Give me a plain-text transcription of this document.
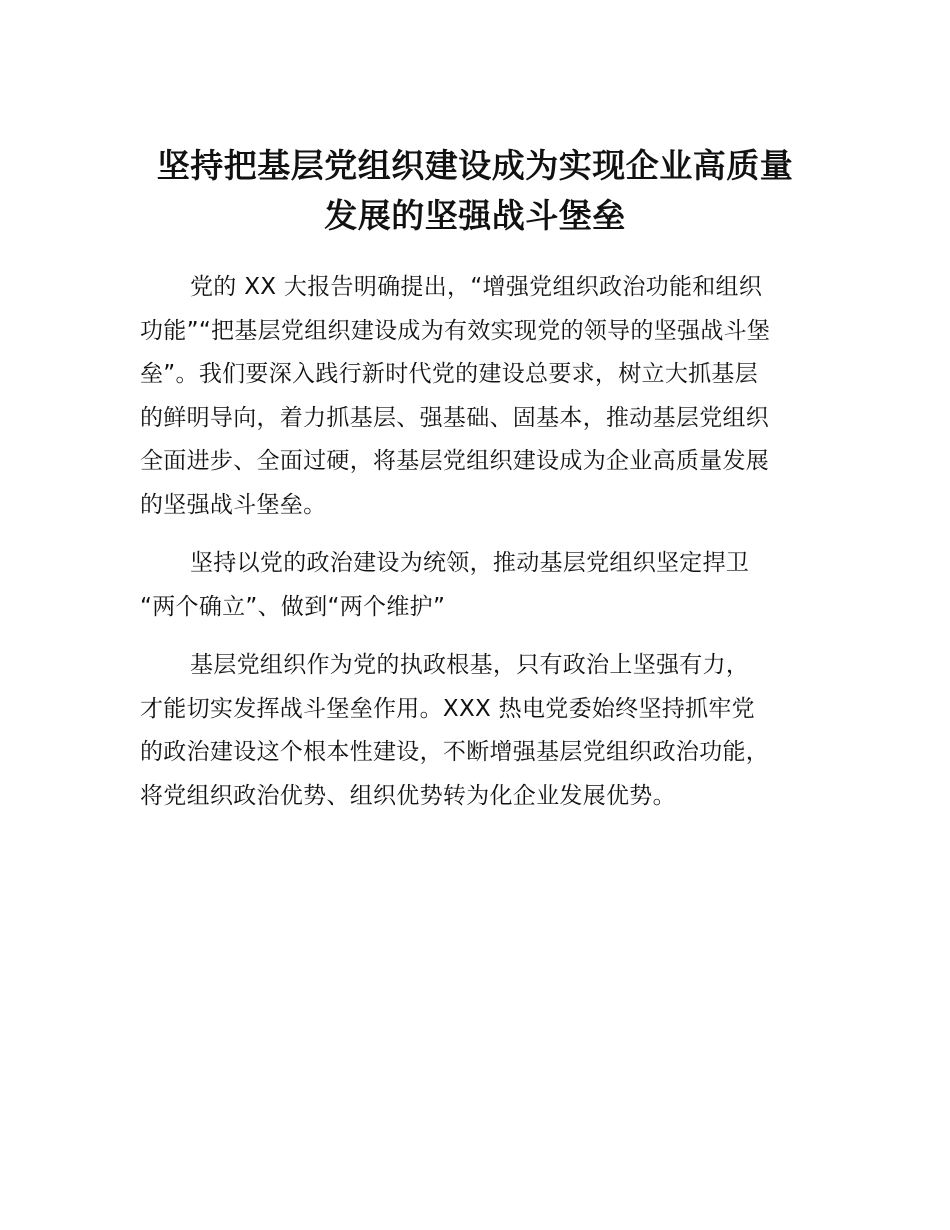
坚持把基层党组织建设成为实现企业高质量
发展的坚强战斗堡垒

党的 XX 大报告明确提出，“增强党组织政治功能和组织
功能”“把基层党组织建设成为有效实现党的领导的坚强战斗堡
垒”。我们要深入践行新时代党的建设总要求，树立大抓基层
的鲜明导向，着力抓基层、强基础、固基本，推动基层党组织
全面进步、全面过硬，将基层党组织建设成为企业高质量发展
的坚强战斗堡垒。

坚持以党的政治建设为统领，推动基层党组织坚定捍卫
“两个确立”、做到“两个维护”

基层党组织作为党的执政根基，只有政治上坚强有力，
才能切实发挥战斗堡垒作用。XXX 热电党委始终坚持抓牢党
的政治建设这个根本性建设，不断增强基层党组织政治功能，
将党组织政治优势、组织优势转为化企业发展优势。
